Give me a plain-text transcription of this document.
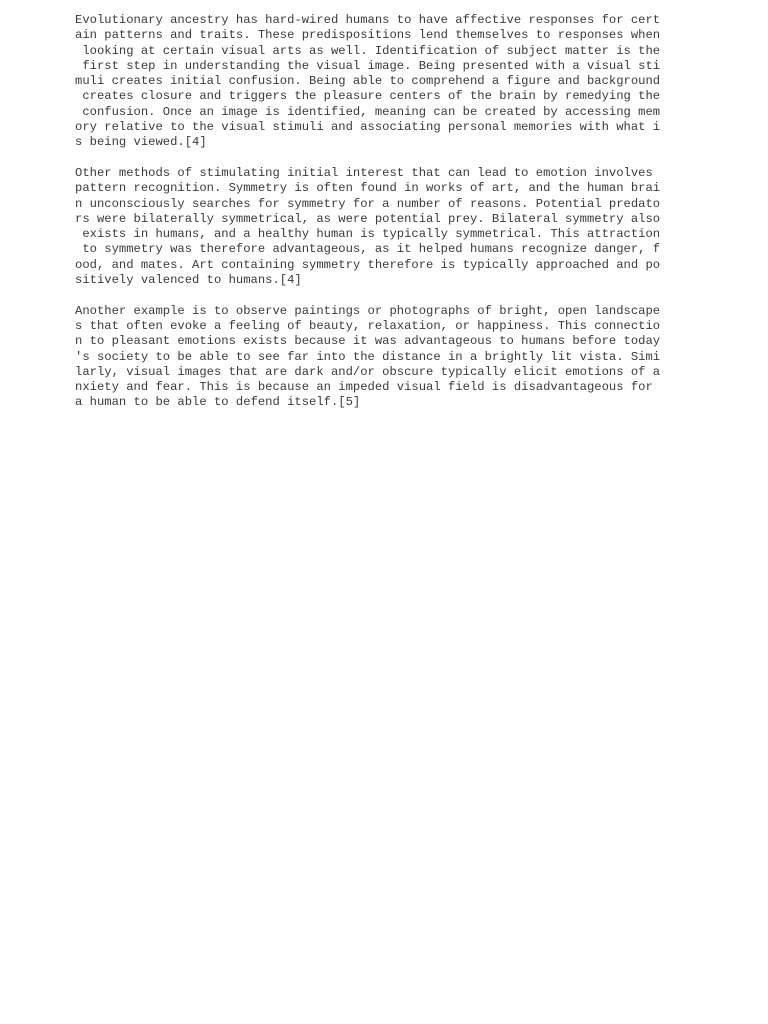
Evolutionary ancestry has hard-wired humans to have affective responses for cert
ain patterns and traits. These predispositions lend themselves to responses when
looking at certain visual arts as well. Identification of subject matter is the
first step in understanding the visual image. Being presented with a visual sti
muli creates initial confusion. Being able to comprehend a figure and background
creates closure and triggers the pleasure centers of the brain by remedying the
confusion. Once an image is identified, meaning can be created by accessing mem
ory relative to the visual stimuli and associating personal memories with what i
s being viewed.[4]
Other methods of stimulating initial interest that can lead to emotion involves
pattern recognition. Symmetry is often found in works of art, and the human brai
n unconsciously searches for symmetry for a number of reasons. Potential predato
rs were bilaterally symmetrical, as were potential prey. Bilateral symmetry also
exists in humans, and a healthy human is typically symmetrical. This attraction
to symmetry was therefore advantageous, as it helped humans recognize danger, f
ood, and mates. Art containing symmetry therefore is typically approached and po
sitively valenced to humans.[4]
Another example is to observe paintings or photographs of bright, open landscape
s that often evoke a feeling of beauty, relaxation, or happiness. This connectio
n to pleasant emotions exists because it was advantageous to humans before today
's society to be able to see far into the distance in a brightly lit vista. Simi
larly, visual images that are dark and/or obscure typically elicit emotions of a
nxiety and fear. This is because an impeded visual field is disadvantageous for
a human to be able to defend itself.[5]
